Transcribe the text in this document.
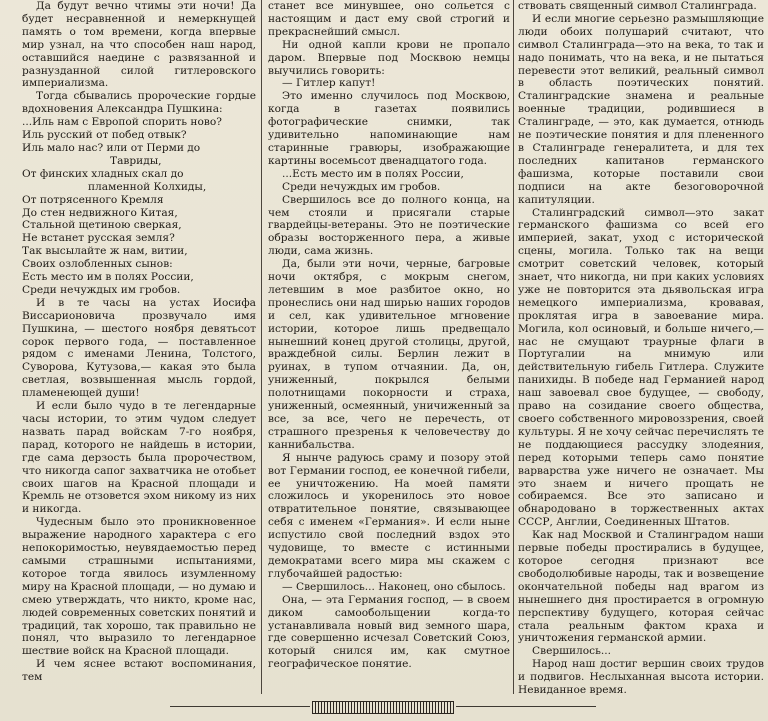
Да будут вечно чтимы эти ночи! Да будет несравненной и немеркнущей память о том времени, когда впервые мир узнал, на что способен наш народ, оставшийся наедине с развязанной и разнузданной силой гитлеровского империализма.

Тогда сбывались пророческие гордые вдохновения Александра Пушкина:

...Иль нам с Европой спорить ново?
Иль русский от побед отвык?
Иль мало нас? или от Перми до
Тавриды,
От финских хладных скал до
пламенной Колхиды,
От потрясенного Кремля
До стен недвижного Китая,
Стальной щетиною сверкая,
Не встанет русская земля?
Так высылайте ж нам, витии,
Своих озлобленных сынов:
Есть место им в полях России,
Среди нечуждых им гробов.

И в те часы на устах Иосифа Виссарионовича прозвучало имя Пушкина, — шестого ноября девятьсот сорок первого года, — поставленное рядом с именами Ленина, Толстого, Суворова, Кутузова,— какая это была светлая, возвышенная мысль гордой, пламенеющей души!

И если было чудо в те легендарные часы истории, то этим чудом следует назвать парад войскам 7-го ноября, парад, которого не найдешь в истории, где сама дерзость была пророчеством, что никогда сапог захватчика не отобьет своих шагов на Красной площади и Кремль не отзовется эхом никому из них и никогда.

Чудесным было это проникновенное выражение народного характера с его непокоримостью, неувядаемостью перед самыми страшными испытаниями, которое тогда явилось изумленному миру на Красной площади, — но думаю и смею утверждать, что никто, кроме нас, людей современных советских понятий и традиций, так хорошо, так правильно не понял, что выразило то легендарное шествие войск на Красной площади.

И чем яснее встают воспоминания, тем

станет все минувшее, оно сольется с настоящим и даст ему свой строгий и прекраснейший смысл.

Ни одной капли крови не пропало даром. Впервые под Москвою немцы выучились говорить:

— Гитлер капут!

Это именно случилось под Москвою, когда в газетах появились фотографические снимки, так удивительно напоминающие нам старинные гравюры, изображающие картины восемьсот двенадцатого года.

...Есть место им в полях России,
Среди нечуждых им гробов.

Свершилось все до полного конца, на чем стояли и присягали старые гвардейцы-ветераны. Это не поэтические образы восторженного пера, а живые люди, сама жизнь.

Да, были эти ночи, черные, багровые ночи октября, с мокрым снегом, летевшим в мое разбитое окно, но пронеслись они над ширью наших городов и сел, как удивительное мгновение истории, которое лишь предвещало нынешний конец другой столицы, другой, враждебной силы. Берлин лежит в руинах, в тупом отчаянии. Да, он, униженный, покрылся белыми полотнищами покорности и страха, униженный, осмеянный, уничиженный за все, за все, чего не перечесть, от страшного презренья к человечеству до каннибальства.

Я нынче радуюсь сраму и позору этой вот Германии господ, ее конечной гибели, ее уничтожению. На моей памяти сложилось и укоренилось это новое отвратительное понятие, связывающее себя с именем «Германия». И если ныне испустило свой последний вздох это чудовище, то вместе с истинными демократами всего мира мы скажем с глубочайшей радостью:

— Свершилось... Наконец, оно сбылось.

Она, — эта Германия господ, — в своем диком самообольщении когда-то устанавливала новый вид земного шара, где совершенно исчезал Советский Союз, который снился им, как смутное географическое понятие.

ствовать священный символ Сталинграда.

И если многие серьезно размышляющие люди обоих полушарий считают, что символ Сталинграда—это на века, то так и надо понимать, что на века, и не пытаться перевести этот великий, реальный символ в область поэтических понятий. Сталинградские знамена и реальные военные традиции, родившиеся в Сталинграде, — это, как думается, отнюдь не поэтические понятия и для плененного в Сталинграде генералитета, и для тех последних капитанов германского фашизма, которые поставили свои подписи на акте безоговорочной капитуляции.

Сталинградский символ—это закат германского фашизма со всей его империей, закат, уход с исторической сцены, могила. Только так на вещи смотрит советский человек, который знает, что никогда, ни при каких условиях уже не повторится эта дьявольская игра немецкого империализма, кровавая, проклятая игра в завоевание мира. Могила, кол осиновый, и больше ничего,—нас не смущают траурные флаги в Португалии на мнимую или действительную гибель Гитлера. Служите панихиды. В победе над Германией народ наш завоевал свое будущее, — свободу, право на созидание своего общества, своего собственного мировоззрения, своей культуры. Я не хочу сейчас перечислять те не поддающиеся рассудку злодеяния, перед которыми теперь само понятие варварства уже ничего не означает. Мы это знаем и ничего прощать не собираемся. Все это записано и обнародовано в торжественных актах СССР, Англии, Соединенных Штатов.

Как над Москвой и Сталинградом наши первые победы простирались в будущее, которое сегодня признают все свободолюбивые народы, так и возвещение окончательной победы над врагом из нынешнего дня простирается в огромную перспективу будущего, которая сейчас стала реальным фактом краха и уничтожения германской армии.

Свершилось...

Народ наш достиг вершин своих трудов и подвигов. Неслыханная высота истории. Невиданное время.
